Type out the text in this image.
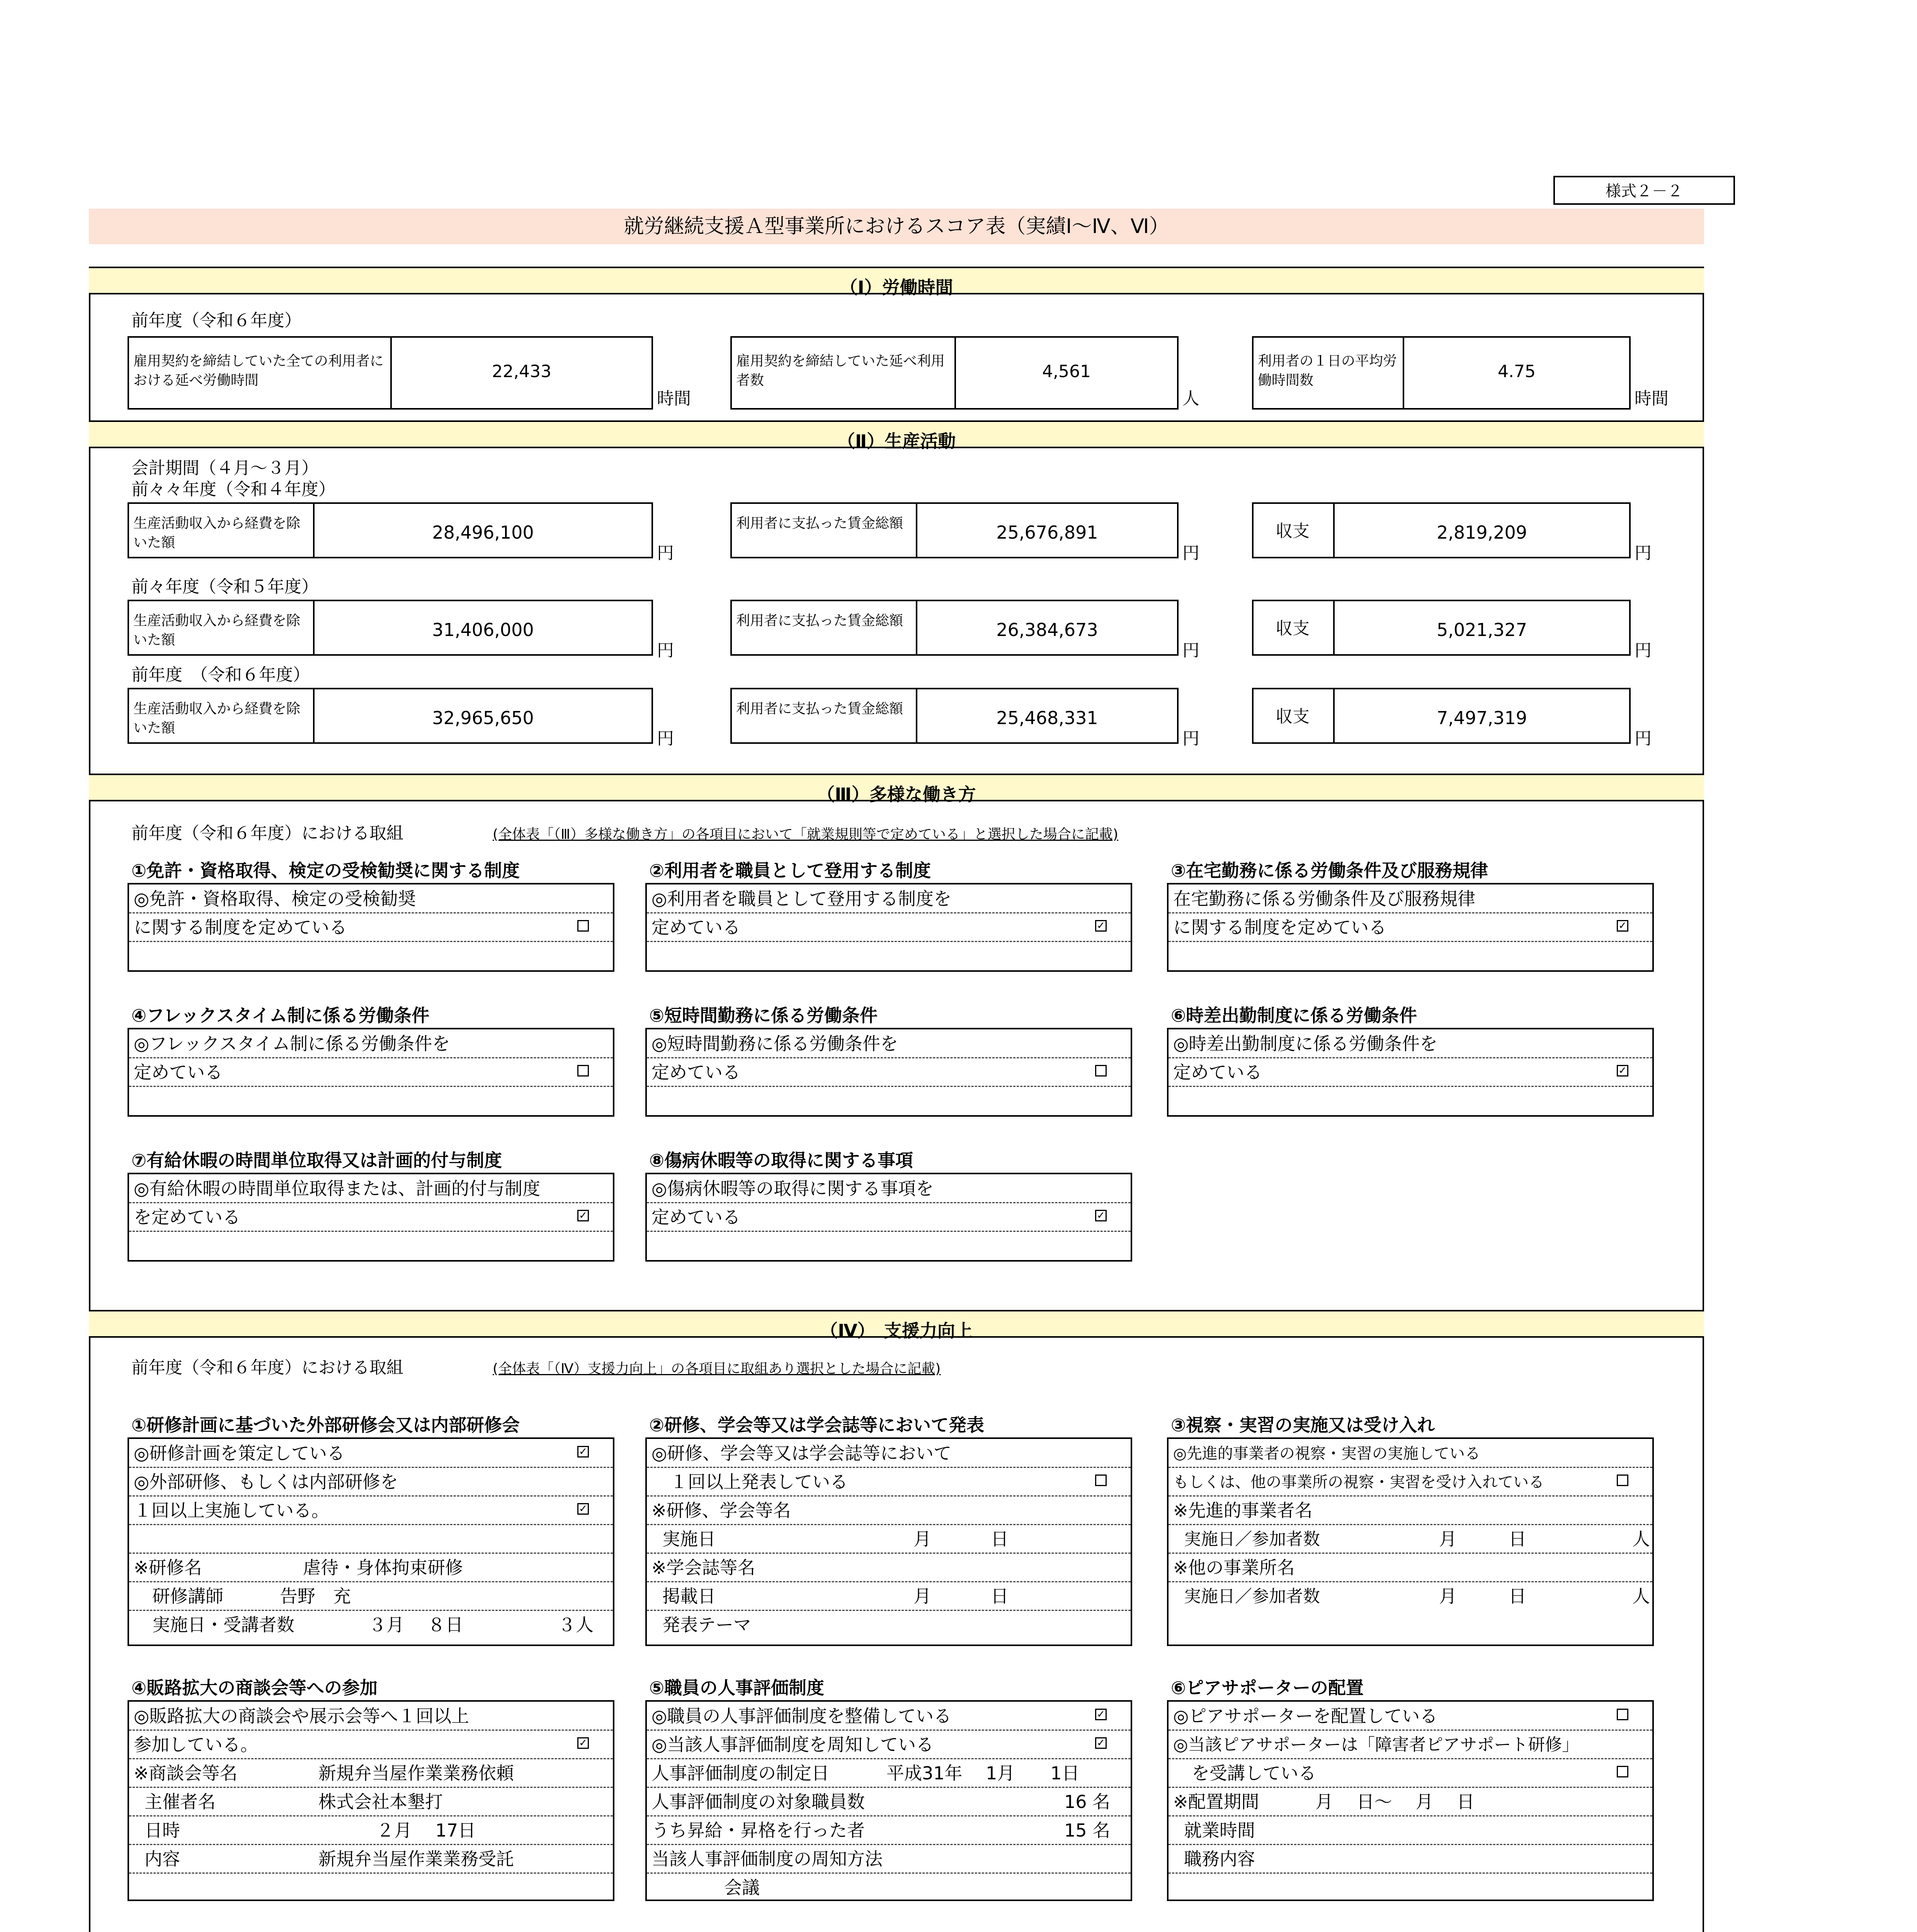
様式２－２
就労継続支援Ａ型事業所におけるスコア表（実績Ⅰ～Ⅳ、Ⅵ）
（Ⅰ）労働時間
前年度（令和６年度）
雇用契約を締結していた全ての利用者における延べ労働時間	22,433
時間
雇用契約を締結していた延べ利用者数	4,561
人
利用者の１日の平均労働時間数	4.75
時間
（Ⅱ）生産活動
会計期間（４月～３月）
前々々年度（令和４年度）
生産活動収入から経費を除いた額	28,496,100
円
利用者に支払った賃金総額	25,676,891
円
収支	2,819,209
円
前々年度（令和５年度）
生産活動収入から経費を除いた額	31,406,000
円
利用者に支払った賃金総額	26,384,673
円
収支	5,021,327
円
前年度　（令和６年度）
生産活動収入から経費を除いた額	32,965,650
円
利用者に支払った賃金総額	25,468,331
円
収支	7,497,319
円
（Ⅲ）多様な働き方
前年度（令和６年度）における取組	(全体表「（Ⅲ）多様な働き方」の各項目において「就業規則等で定めている」と選択した場合に記載)
①免許・資格取得、検定の受検勧奨に関する制度
◎免許・資格取得、検定の受検勧奨
に関する制度を定めている
②利用者を職員として登用する制度
◎利用者を職員として登用する制度を
定めている	✓
③在宅勤務に係る労働条件及び服務規律
在宅勤務に係る労働条件及び服務規律
に関する制度を定めている	✓
④フレックスタイム制に係る労働条件
◎フレックスタイム制に係る労働条件を
定めている
⑤短時間勤務に係る労働条件
◎短時間勤務に係る労働条件を
定めている
⑥時差出勤制度に係る労働条件
◎時差出勤制度に係る労働条件を
定めている	✓
⑦有給休暇の時間単位取得又は計画的付与制度
◎有給休暇の時間単位取得または、計画的付与制度
を定めている	✓
⑧傷病休暇等の取得に関する事項
◎傷病休暇等の取得に関する事項を
定めている	✓
（Ⅳ）　支援力向上
前年度（令和６年度）における取組	(全体表「（Ⅳ）支援力向上」の各項目に取組あり選択とした場合に記載)
①研修計画に基づいた外部研修会又は内部研修会
◎研修計画を策定している	✓
◎外部研修、もしくは内部研修を
１回以上実施している。	✓
※研修名	虐待・身体拘束研修
研修講師	告野　充
実施日・受講者数	３月　 ８日	３人
②研修、学会等又は学会誌等において発表
◎研修、学会等又は学会誌等において
１回以上発表している
※研修、学会等名
実施日	月	日
※学会誌等名
掲載日	月	日
発表テーマ
③視察・実習の実施又は受け入れ
◎先進的事業者の視察・実習の実施している
もしくは、他の事業所の視察・実習を受け入れている
※先進的事業者名
実施日／参加者数	月	日	人
※他の事業所名
実施日／参加者数	月	日	人
④販路拡大の商談会等への参加
◎販路拡大の商談会や展示会等へ１回以上
参加している。	✓
※商談会等名	新規弁当屋作業業務依頼
主催者名	株式会社本墾打
日時	２月　 17日
内容	新規弁当屋作業業務受託
⑤職員の人事評価制度
◎職員の人事評価制度を整備している	✓
◎当該人事評価制度を周知している	✓
人事評価制度の制定日	平成31年　 1月　　1日
人事評価制度の対象職員数	16 名
うち昇給・昇格を行った者	15 名
当該人事評価制度の周知方法
会議
⑥ピアサポーターの配置
◎ピアサポーターを配置している
◎当該ピアサポーターは「障害者ピアサポート研修」
を受講している
※配置期間	月　 日～　 月　 日
就業時間
職務内容
